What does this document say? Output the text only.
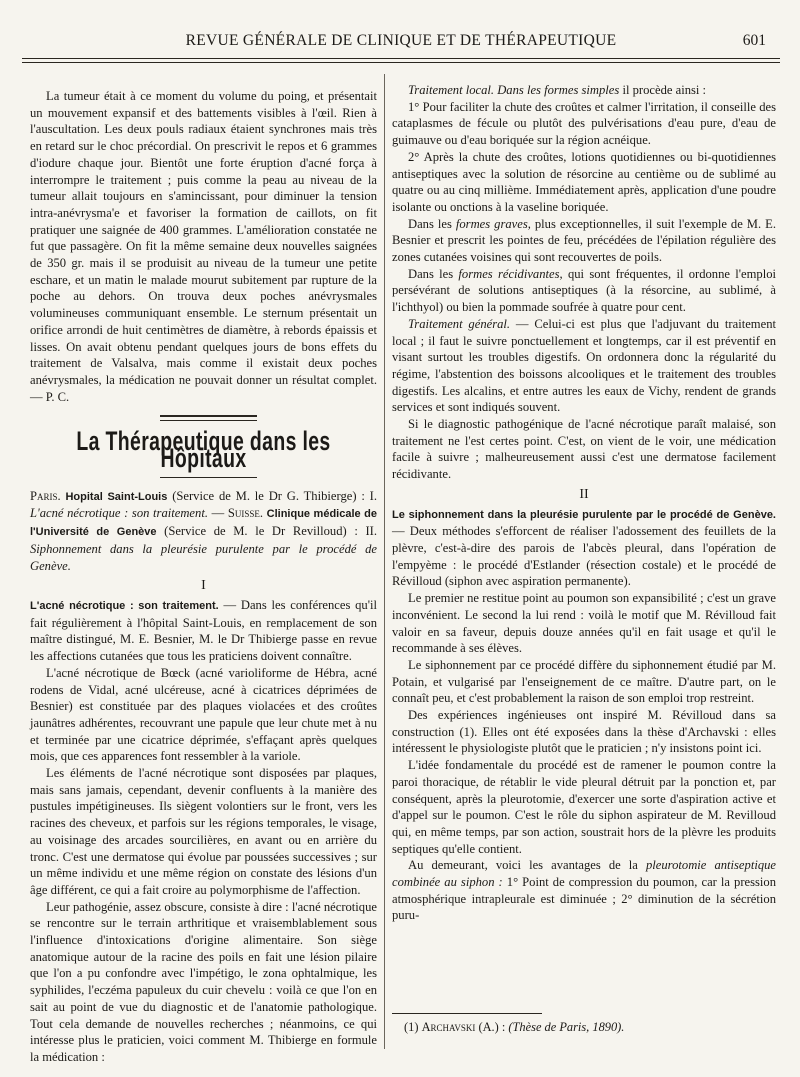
REVUE GÉNÉRALE DE CLINIQUE ET DE THÉRAPEUTIQUE	601

La tumeur était à ce moment du volume du poing, et présentait un mouvement expansif et des battements visibles à l'œil. Rien à l'auscultation. Les deux pouls radiaux étaient synchrones mais très en retard sur le choc précordial. On prescrivit le repos et 6 grammes d'iodure chaque jour. Bientôt une forte éruption d'acné força à interrompre le traitement ; puis comme la peau au niveau de la tumeur allait toujours en s'amincissant, pour diminuer la tension intra-anévrysma'e et favoriser la formation de caillots, on fit pratiquer une saignée de 400 grammes. L'amélioration constatée ne fut que passagère. On fit la même semaine deux nouvelles saignées de 350 gr. mais il se produisit au niveau de la tumeur une petite eschare, et un matin le malade mourut subitement par rupture de la poche au dehors. On trouva deux poches anévrysmales volumineuses communiquant ensemble. Le sternum présentait un orifice arrondi de huit centimètres de diamètre, à rebords épaissis et lisses. On avait obtenu pendant quelques jours de bons effets du traitement de Valsalva, mais comme il existait deux poches anévrysmales, la médication ne pouvait donner un résultat complet. — P. C.

La Thérapeutique dans les Hôpitaux

Paris. Hopital Saint-Louis (Service de M. le Dr G. Thibierge) : I. L'acné nécrotique : son traitement. — Suisse. Clinique médicale de l'Université de Genève (Service de M. le Dr Revilloud) : II. Siphonnement dans la pleurésie purulente par le procédé de Genève.

I

L'acné nécrotique : son traitement. — Dans les conférences qu'il fait régulièrement à l'hôpital Saint-Louis, en remplacement de son maître distingué, M. E. Besnier, M. le Dr Thibierge passe en revue les affections cutanées que tous les praticiens doivent connaître.

L'acné nécrotique de Bœck (acné varioliforme de Hébra, acné rodens de Vidal, acné ulcéreuse, acné à cicatrices déprimées de Besnier) est constituée par des plaques violacées et des croûtes jaunâtres adhérentes, recouvrant une papule que leur chute met à nu et terminée par une cicatrice déprimée, s'effaçant après quelques mois, que ces apparences font ressembler à la variole.

Les éléments de l'acné nécrotique sont disposées par plaques, mais sans jamais, cependant, devenir confluents à la manière des pustules impétigineuses. Ils siègent volontiers sur le front, vers les racines des cheveux, et parfois sur les régions temporales, le visage, au voisinage des arcades sourcilières, en avant ou en arrière du tronc. C'est une dermatose qui évolue par poussées successives ; sur un même individu et une même région on constate des lésions d'un âge différent, ce qui a fait croire au polymorphisme de l'affection.

Leur pathogénie, assez obscure, consiste à dire : l'acné nécrotique se rencontre sur le terrain arthritique et vraisemblablement sous l'influence d'intoxications d'origine alimentaire. Son siège anatomique autour de la racine des poils en fait une lésion pilaire que l'on a pu confondre avec l'impétigo, le zona ophtalmique, les syphilides, l'eczéma papuleux du cuir chevelu : voilà ce que l'on en sait au point de vue du diagnostic et de l'anatomie pathologique. Tout cela demande de nouvelles recherches ; néanmoins, ce qui intéresse plus le praticien, voici comment M. Thibierge en formule la médication :

Traitement local. Dans les formes simples il procède ainsi :

1° Pour faciliter la chute des croûtes et calmer l'irritation, il conseille des cataplasmes de fécule ou plutôt des pulvérisations d'eau pure, d'eau de guimauve ou d'eau boriquée sur la région acnéique.

2° Après la chute des croûtes, lotions quotidiennes ou bi-quotidiennes antiseptiques avec la solution de résorcine au centième ou de sublimé au quatre ou au cinq millième. Immédiatement après, application d'une poudre isolante ou onctions à la vaseline boriquée.

Dans les formes graves, plus exceptionnelles, il suit l'exemple de M. E. Besnier et prescrit les pointes de feu, précédées de l'épilation régulière des zones cutanées voisines qui sont recouvertes de poils.

Dans les formes récidivantes, qui sont fréquentes, il ordonne l'emploi persévérant de solutions antiseptiques (à la résorcine, au sublimé, à l'ichthyol) ou bien la pommade soufrée à quatre pour cent.

Traitement général. — Celui-ci est plus que l'adjuvant du traitement local ; il faut le suivre ponctuellement et longtemps, car il est préventif en visant surtout les troubles digestifs. On ordonnera donc la régularité du régime, l'abstention des boissons alcooliques et le traitement des troubles digestifs. Les alcalins, et entre autres les eaux de Vichy, rendent de grands services et sont indiqués souvent.

Si le diagnostic pathogénique de l'acné nécrotique paraît malaisé, son traitement ne l'est certes point. C'est, on vient de le voir, une médication facile à suivre ; malheureusement aussi c'est une dermatose facilement récidivante.

II

Le siphonnement dans la pleurésie purulente par le procédé de Genève. — Deux méthodes s'efforcent de réaliser l'adossement des feuillets de la plèvre, c'est-à-dire des parois de l'abcès pleural, dans l'opération de l'empyème : le procédé d'Estlander (résection costale) et le procédé de Révilloud (siphon avec aspiration permanente).

Le premier ne restitue point au poumon son expansibilité ; c'est un grave inconvénient. Le second la lui rend : voilà le motif que M. Révilloud fait valoir en sa faveur, depuis douze années qu'il en fait usage et qu'il le recommande à ses élèves.

Le siphonnement par ce procédé diffère du siphonnement étudié par M. Potain, et vulgarisé par l'enseignement de ce maître. D'autre part, on le connaît peu, et c'est probablement la raison de son emploi trop restreint.

Des expériences ingénieuses ont inspiré M. Révilloud dans sa construction (1). Elles ont été exposées dans la thèse d'Archavski : elles intéressent le physiologiste plutôt que le praticien ; n'y insistons point ici.

L'idée fondamentale du procédé est de ramener le poumon contre la paroi thoracique, de rétablir le vide pleural détruit par la ponction et, par conséquent, après la pleurotomie, d'exercer une sorte d'aspiration active et d'appel sur le poumon. C'est le rôle du siphon aspirateur de M. Revilloud qui, en même temps, par son action, soustrait hors de la plèvre les produits septiques qu'elle contient.

Au demeurant, voici les avantages de la pleurotomie antiseptique combinée au siphon : 1° Point de compression du poumon, car la pression atmosphérique intrapleurale est diminuée ; 2° diminution de la sécrétion puru-

(1) Archavski (A.) : (Thèse de Paris, 1890).
